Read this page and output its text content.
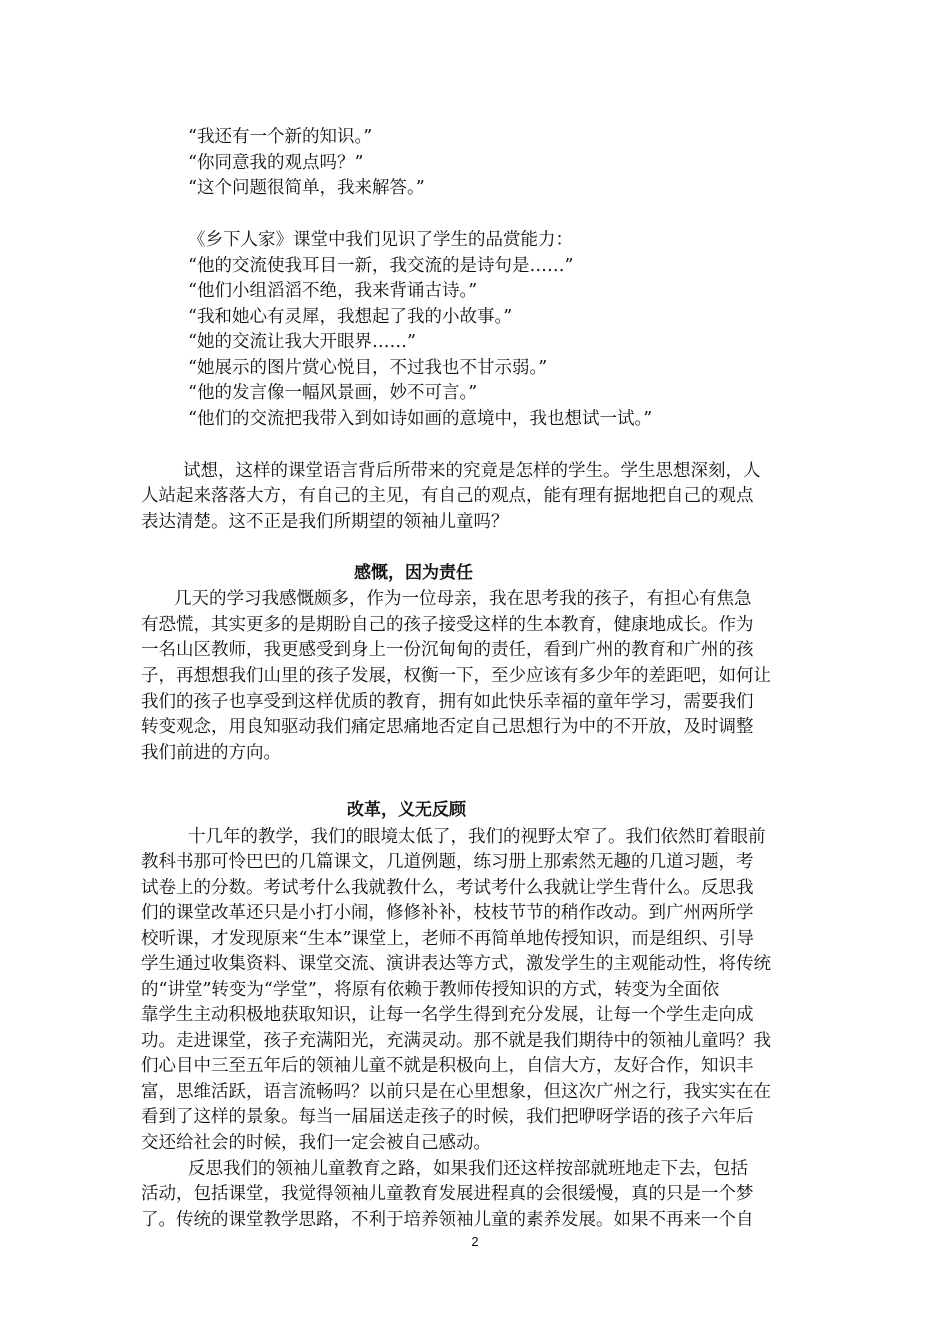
“我还有一个新的知识。”
“你同意我的观点吗？”
“这个问题很简单，我来解答。”
《乡下人家》课堂中我们见识了学生的品赏能力：
“他的交流使我耳目一新，我交流的是诗句是……”
“他们小组滔滔不绝，我来背诵古诗。”
“我和她心有灵犀，我想起了我的小故事。”
“她的交流让我大开眼界……”
“她展示的图片赏心悦目，不过我也不甘示弱。”
“他的发言像一幅风景画，妙不可言。”
“他们的交流把我带入到如诗如画的意境中，我也想试一试。”
试想，这样的课堂语言背后所带来的究竟是怎样的学生。学生思想深刻，人
人站起来落落大方，有自己的主见，有自己的观点，能有理有据地把自己的观点
表达清楚。这不正是我们所期望的领袖儿童吗？
感慨，因为责任
几天的学习我感慨颇多，作为一位母亲，我在思考我的孩子，有担心有焦急
有恐慌，其实更多的是期盼自己的孩子接受这样的生本教育，健康地成长。作为
一名山区教师，我更感受到身上一份沉甸甸的责任，看到广州的教育和广州的孩
子，再想想我们山里的孩子发展，权衡一下，至少应该有多少年的差距吧，如何让
我们的孩子也享受到这样优质的教育，拥有如此快乐幸福的童年学习，需要我们
转变观念，用良知驱动我们痛定思痛地否定自己思想行为中的不开放，及时调整
我们前进的方向。
改革，义无反顾
十几年的教学，我们的眼境太低了，我们的视野太窄了。我们依然盯着眼前
教科书那可怜巴巴的几篇课文，几道例题，练习册上那索然无趣的几道习题，考
试卷上的分数。考试考什么我就教什么，考试考什么我就让学生背什么。反思我
们的课堂改革还只是小打小闹，修修补补，枝枝节节的稍作改动。到广州两所学
校听课，才发现原来“生本”课堂上，老师不再简单地传授知识，而是组织、引导
学生通过收集资料、课堂交流、演讲表达等方式，激发学生的主观能动性，将传统
的“讲堂”转变为“学堂”，将原有依赖于教师传授知识的方式，转变为全面依
靠学生主动积极地获取知识，让每一名学生得到充分发展，让每一个学生走向成
功。走进课堂，孩子充满阳光，充满灵动。那不就是我们期待中的领袖儿童吗？我
们心目中三至五年后的领袖儿童不就是积极向上，自信大方，友好合作，知识丰
富，思维活跃，语言流畅吗？以前只是在心里想象，但这次广州之行，我实实在在
看到了这样的景象。每当一届届送走孩子的时候，我们把咿呀学语的孩子六年后
交还给社会的时候，我们一定会被自己感动。
反思我们的领袖儿童教育之路，如果我们还这样按部就班地走下去，包括
活动，包括课堂，我觉得领袖儿童教育发展进程真的会很缓慢，真的只是一个梦
了。传统的课堂教学思路，不利于培养领袖儿童的素养发展。如果不再来一个自
2
